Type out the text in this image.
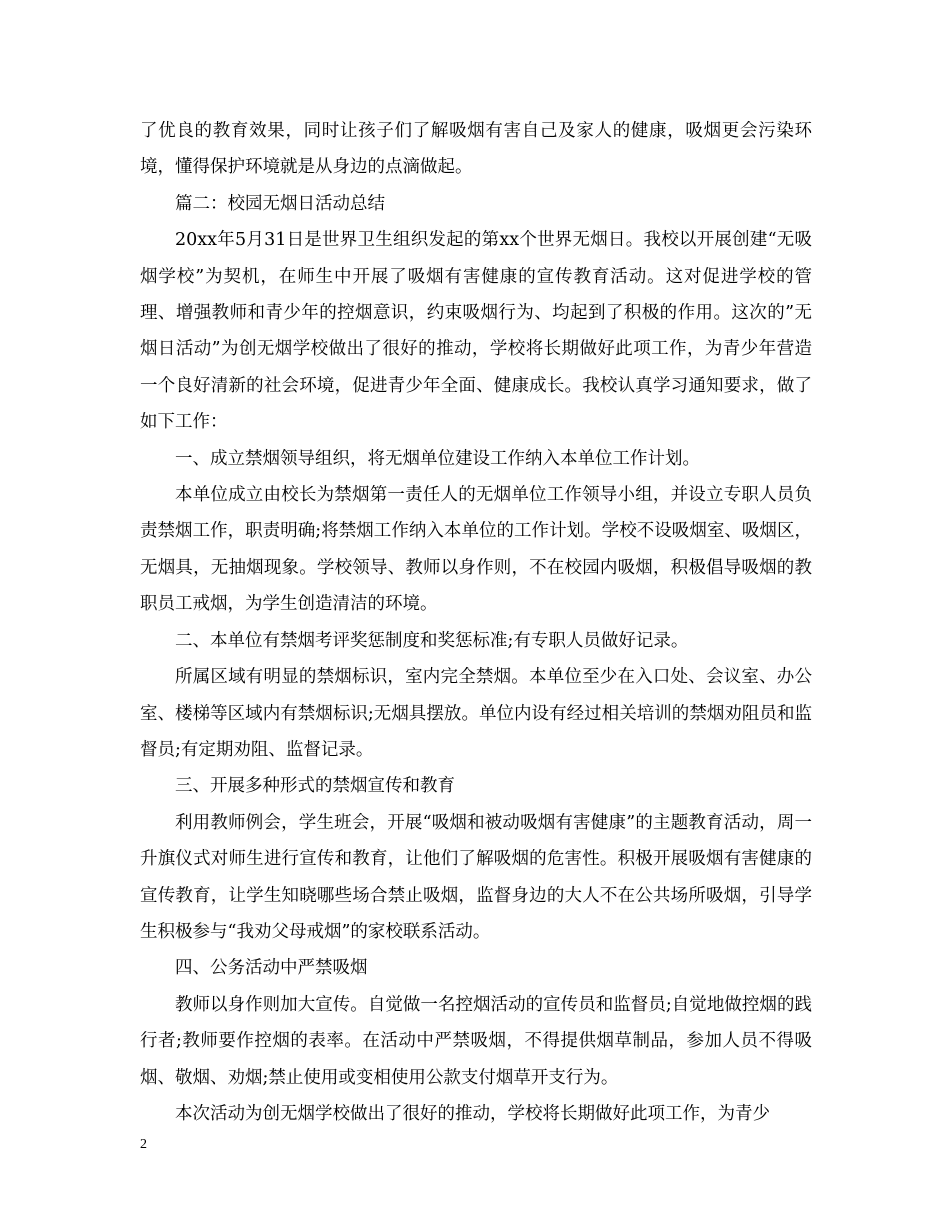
了优良的教育效果，同时让孩子们了解吸烟有害自己及家人的健康，吸烟更会污染环境，懂得保护环境就是从身边的点滴做起。

篇二：校园无烟日活动总结

20xx年5月31日是世界卫生组织发起的第xx个世界无烟日。我校以开展创建“无吸烟学校”为契机，在师生中开展了吸烟有害健康的宣传教育活动。这对促进学校的管理、增强教师和青少年的控烟意识，约束吸烟行为、均起到了积极的作用。这次的”无烟日活动”为创无烟学校做出了很好的推动，学校将长期做好此项工作，为青少年营造一个良好清新的社会环境，促进青少年全面、健康成长。我校认真学习通知要求，做了如下工作：

一、成立禁烟领导组织，将无烟单位建设工作纳入本单位工作计划。

本单位成立由校长为禁烟第一责任人的无烟单位工作领导小组，并设立专职人员负责禁烟工作，职责明确;将禁烟工作纳入本单位的工作计划。学校不设吸烟室、吸烟区，无烟具，无抽烟现象。学校领导、教师以身作则，不在校园内吸烟，积极倡导吸烟的教职员工戒烟，为学生创造清洁的环境。

二、本单位有禁烟考评奖惩制度和奖惩标准;有专职人员做好记录。

所属区域有明显的禁烟标识，室内完全禁烟。本单位至少在入口处、会议室、办公室、楼梯等区域内有禁烟标识;无烟具摆放。单位内设有经过相关培训的禁烟劝阻员和监督员;有定期劝阻、监督记录。

三、开展多种形式的禁烟宣传和教育

利用教师例会，学生班会，开展“吸烟和被动吸烟有害健康”的主题教育活动，周一升旗仪式对师生进行宣传和教育，让他们了解吸烟的危害性。积极开展吸烟有害健康的宣传教育，让学生知晓哪些场合禁止吸烟，监督身边的大人不在公共场所吸烟，引导学生积极参与“我劝父母戒烟”的家校联系活动。

四、公务活动中严禁吸烟

教师以身作则加大宣传。自觉做一名控烟活动的宣传员和监督员;自觉地做控烟的践行者;教师要作控烟的表率。在活动中严禁吸烟，不得提供烟草制品，参加人员不得吸烟、敬烟、劝烟;禁止使用或变相使用公款支付烟草开支行为。

本次活动为创无烟学校做出了很好的推动，学校将长期做好此项工作，为青少

2
